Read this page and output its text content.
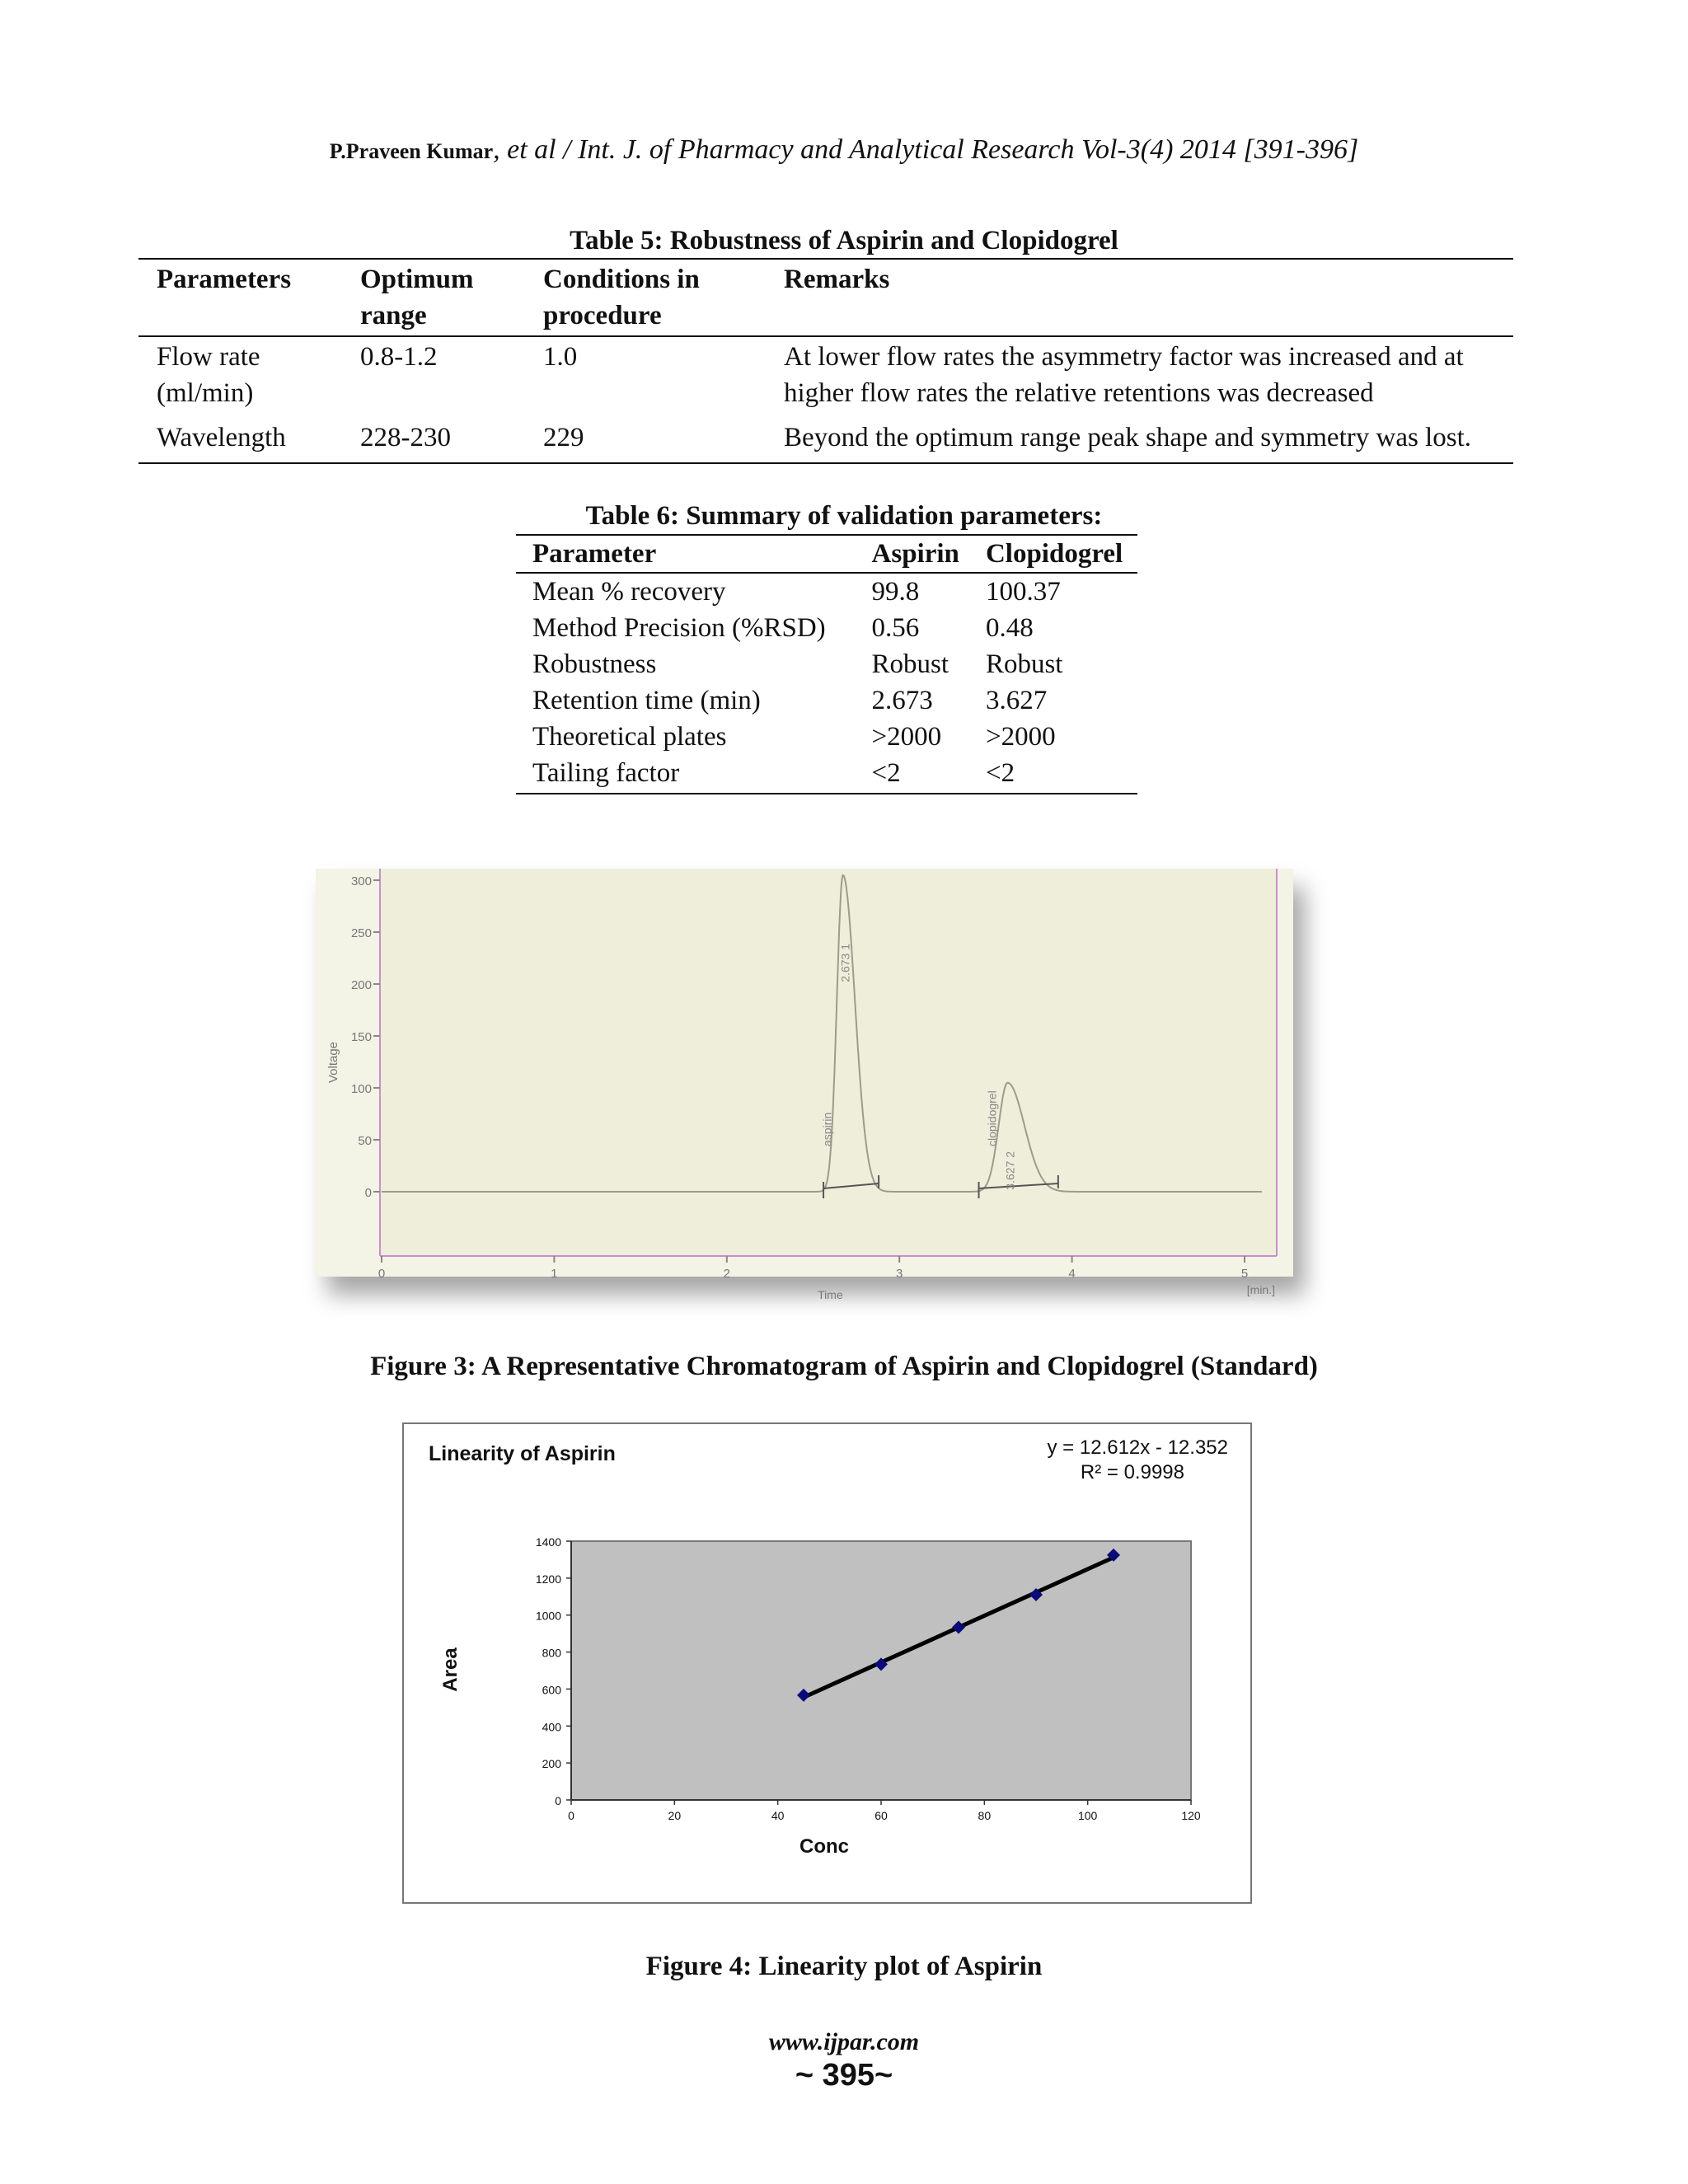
P.Praveen Kumar, et al / Int. J. of Pharmacy and Analytical Research Vol-3(4) 2014 [391-396]
Table 5: Robustness of Aspirin and Clopidogrel
Parameters	Optimum range	Conditions in procedure	Remarks
Flow rate (ml/min)	0.8-1.2	1.0	At lower flow rates the asymmetry factor was increased and at higher flow rates the relative retentions was decreased
Wavelength	228-230	229	Beyond the optimum range peak shape and symmetry was lost.
Table 6: Summary of validation parameters:
Parameter	Aspirin	Clopidogrel
Mean % recovery	99.8	100.37
Method Precision (%RSD)	0.56	0.48
Robustness	Robust	Robust
Retention time (min)	2.673	3.627
Theoretical plates	>2000	>2000
Tailing factor	<2	<2
0
50
100
150
200
250
300
0	1	2	3	4	5
Voltage
Time	[min.]
aspirin
2.673 1
clopidogrel
3.627 2
Figure 3: A Representative Chromatogram of Aspirin and Clopidogrel (Standard)
Linearity of Aspirin	y = 12.612x - 12.352
R² = 0.9998
0
200
400
600
800
1000
1200
1400
0	20	40	60	80	100	120
Conc
Area
Figure 4: Linearity plot of Aspirin
www.ijpar.com
~ 395~
